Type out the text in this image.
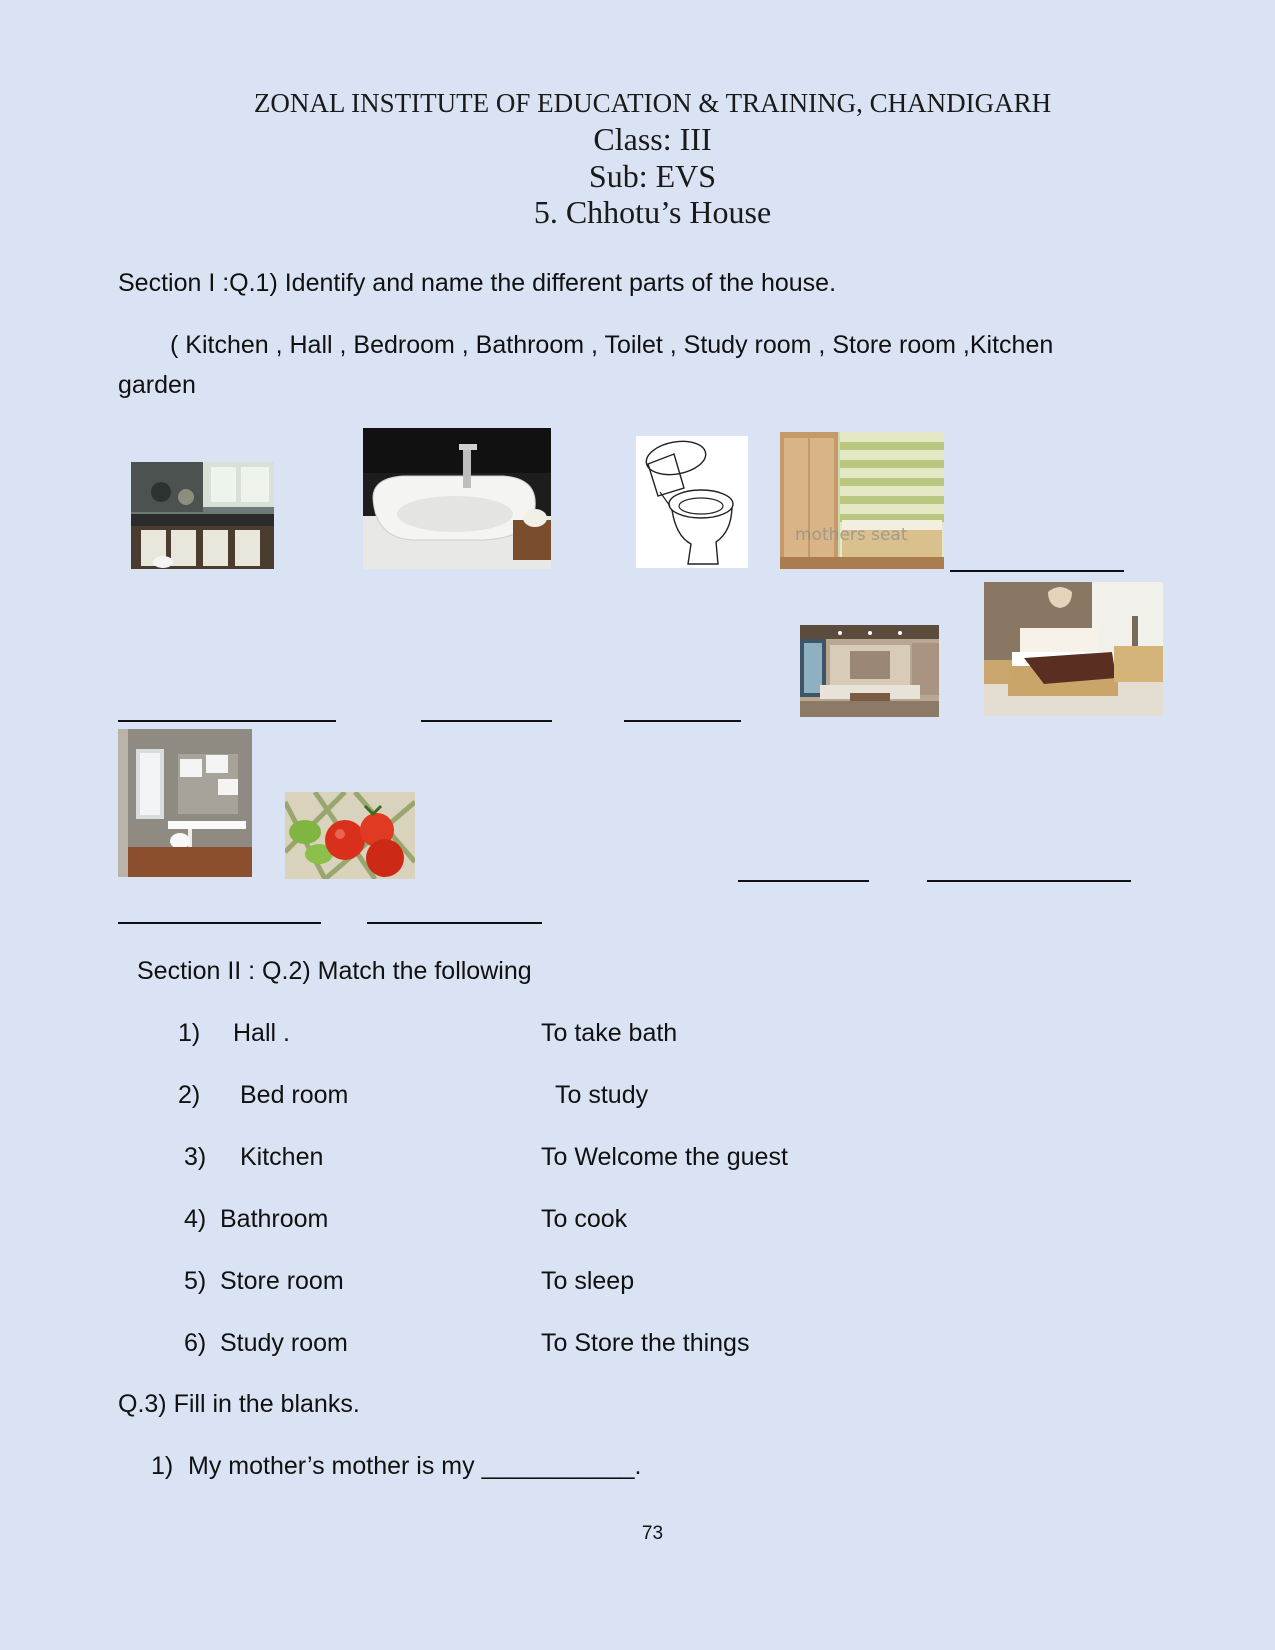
ZONAL INSTITUTE OF EDUCATION & TRAINING, CHANDIGARH
Class: III
Sub: EVS
5. Chhotu’s House
Section I :Q.1) Identify and name the different parts of the house.
( Kitchen , Hall , Bedroom , Bathroom , Toilet , Study room , Store room ,Kitchen
garden
mothers seat
Section II : Q.2) Match the following
1) Hall .	To take bath
2) Bed room	To study
3) Kitchen	To Welcome the guest
4) Bathroom	To cook
5) Store room	To sleep
6) Study room	To Store the things
Q.3) Fill in the blanks.
1) My mother’s mother is my ___________.
73
